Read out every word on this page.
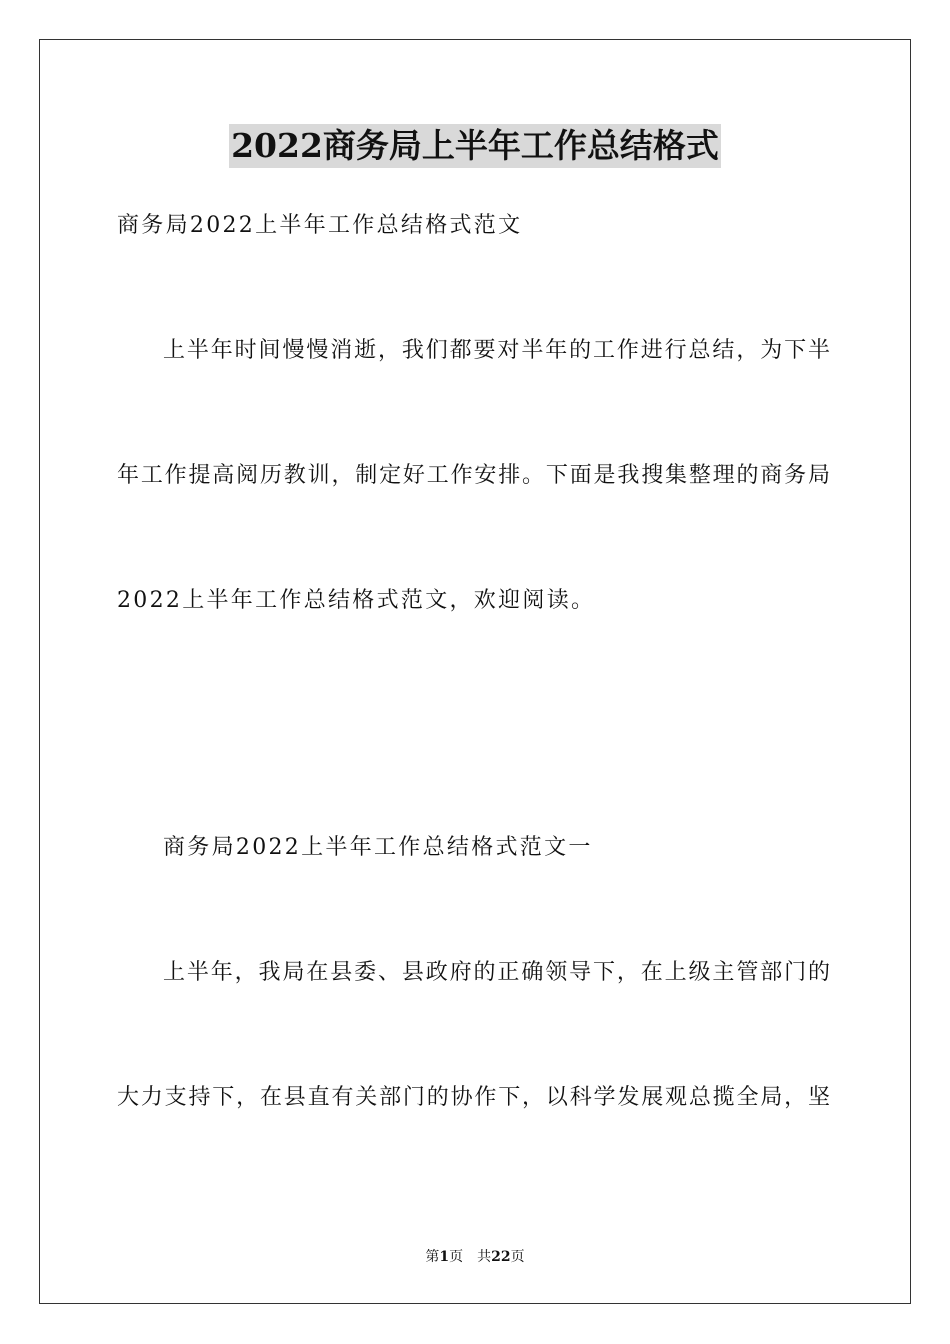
2022商务局上半年工作总结格式

商务局2022上半年工作总结格式范文

上半年时间慢慢消逝，我们都要对半年的工作进行总结，为下半

年工作提高阅历教训，制定好工作安排。下面是我搜集整理的商务局

2022上半年工作总结格式范文，欢迎阅读。

商务局2022上半年工作总结格式范文一

上半年，我局在县委、县政府的正确领导下，在上级主管部门的

大力支持下，在县直有关部门的协作下，以科学发展观总揽全局，坚

第1页　共22页
